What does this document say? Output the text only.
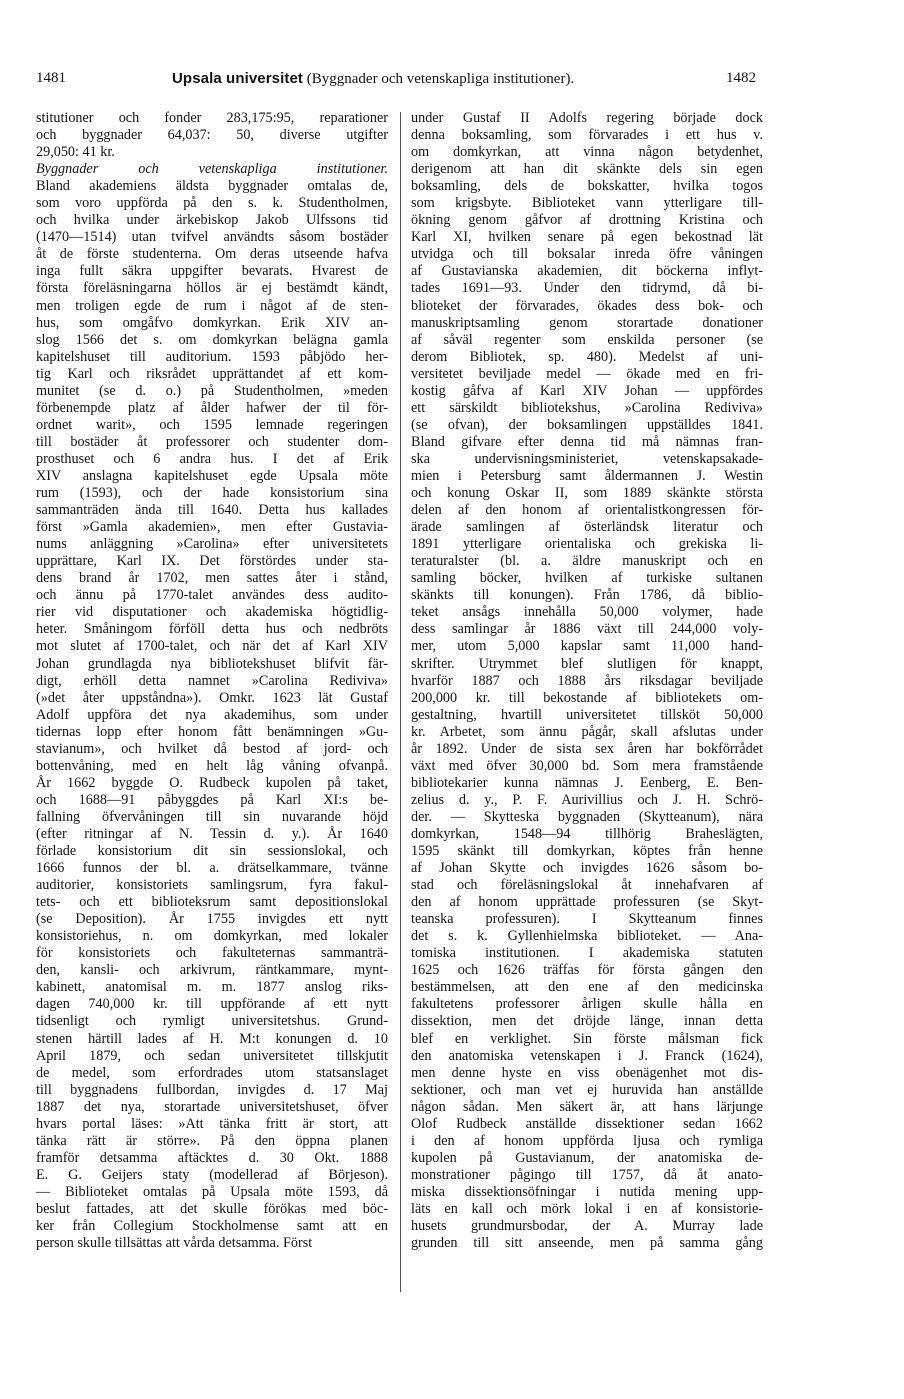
1481	Upsala universitet (Byggnader och vetenskapliga institutioner).	1482
stitutioner och fonder 283,175:95, reparationer
och byggnader 64,037: 50, diverse utgifter
29,050: 41 kr.
Byggnader och vetenskapliga institutioner.
Bland akademiens äldsta byggnader omtalas de,
som voro uppförda på den s. k. Studentholmen,
och hvilka under ärkebiskop Jakob Ulfssons tid
(1470—1514) utan tvifvel användts såsom bostäder
åt de förste studenterna. Om deras utseende hafva
inga fullt säkra uppgifter bevarats. Hvarest de
första föreläsningarna höllos är ej bestämdt kändt,
men troligen egde de rum i något af de sten-
hus, som omgåfvo domkyrkan. Erik XIV an-
slog 1566 det s. om domkyrkan belägna gamla
kapitelshuset till auditorium. 1593 påbjödo her-
tig Karl och riksrådet upprättandet af ett kom-
munitet (se d. o.) på Studentholmen, »meden
förbenempde platz af ålder hafwer der til för-
ordnet warit», och 1595 lemnade regeringen
till bostäder åt professorer och studenter dom-
prosthuset och 6 andra hus. I det af Erik
XIV anslagna kapitelshuset egde Upsala möte
rum (1593), och der hade konsistorium sina
sammanträden ända till 1640. Detta hus kallades
först »Gamla akademien», men efter Gustavia-
nums anläggning »Carolina» efter universitetets
upprättare, Karl IX. Det förstördes under sta-
dens brand år 1702, men sattes åter i stånd,
och ännu på 1770-talet användes dess audito-
rier vid disputationer och akademiska högtidlig-
heter. Småningom förföll detta hus och nedbröts
mot slutet af 1700-talet, och när det af Karl XIV
Johan grundlagda nya bibliotekshuset blifvit fär-
digt, erhöll detta namnet »Carolina Rediviva»
(»det åter uppståndna»). Omkr. 1623 lät Gustaf
Adolf uppföra det nya akademihus, som under
tidernas lopp efter honom fått benämningen »Gu-
stavianum», och hvilket då bestod af jord- och
bottenvåning, med en helt låg våning ofvanpå.
År 1662 byggde O. Rudbeck kupolen på taket,
och 1688—91 påbyggdes på Karl XI:s be-
fallning öfvervåningen till sin nuvarande höjd
(efter ritningar af N. Tessin d. y.). År 1640
förlade konsistorium dit sin sessionslokal, och
1666 funnos der bl. a. drätselkammare, tvänne
auditorier, konsistoriets samlingsrum, fyra fakul-
tets- och ett biblioteksrum samt depositionslokal
(se Deposition). År 1755 invigdes ett nytt
konsistoriehus, n. om domkyrkan, med lokaler
för konsistoriets och fakulteternas sammanträ-
den, kansli- och arkivrum, räntkammare, mynt-
kabinett, anatomisal m. m. 1877 anslog riks-
dagen 740,000 kr. till uppförande af ett nytt
tidsenligt och rymligt universitetshus. Grund-
stenen härtill lades af H. M:t konungen d. 10
April 1879, och sedan universitetet tillskjutit
de medel, som erfordrades utom statsanslaget
till byggnadens fullbordan, invigdes d. 17 Maj
1887 det nya, storartade universitetshuset, öfver
hvars portal läses: »Att tänka fritt är stort, att
tänka rätt är större». På den öppna planen
framför detsamma aftäcktes d. 30 Okt. 1888
E. G. Geijers staty (modellerad af Börjeson).
— Biblioteket omtalas på Upsala möte 1593, då
beslut fattades, att det skulle förökas med böc-
ker från Collegium Stockholmense samt att en
person skulle tillsättas att vårda detsamma. Först
under Gustaf II Adolfs regering började dock
denna boksamling, som förvarades i ett hus v.
om domkyrkan, att vinna någon betydenhet,
derigenom att han dit skänkte dels sin egen
boksamling, dels de bokskatter, hvilka togos
som krigsbyte. Biblioteket vann ytterligare till-
ökning genom gåfvor af drottning Kristina och
Karl XI, hvilken senare på egen bekostnad lät
utvidga och till boksalar inreda öfre våningen
af Gustavianska akademien, dit böckerna inflyt-
tades 1691—93. Under den tidrymd, då bi-
blioteket der förvarades, ökades dess bok- och
manuskriptsamling genom storartade donationer
af såväl regenter som enskilda personer (se
derom Bibliotek, sp. 480). Medelst af uni-
versitetet beviljade medel — ökade med en fri-
kostig gåfva af Karl XIV Johan — uppfördes
ett särskildt bibliotekshus, »Carolina Rediviva»
(se ofvan), der boksamlingen uppställdes 1841.
Bland gifvare efter denna tid må nämnas fran-
ska undervisningsministeriet, vetenskapsakade-
mien i Petersburg samt åldermannen J. Westin
och konung Oskar II, som 1889 skänkte största
delen af den honom af orientalistkongressen för-
ärade samlingen af österländsk literatur och
1891 ytterligare orientaliska och grekiska li-
teraturalster (bl. a. äldre manuskript och en
samling böcker, hvilken af turkiske sultanen
skänkts till konungen). Från 1786, då biblio-
teket ansågs innehålla 50,000 volymer, hade
dess samlingar år 1886 växt till 244,000 voly-
mer, utom 5,000 kapslar samt 11,000 hand-
skrifter. Utrymmet blef slutligen för knappt,
hvarför 1887 och 1888 års riksdagar beviljade
200,000 kr. till bekostande af bibliotekets om-
gestaltning, hvartill universitetet tillsköt 50,000
kr. Arbetet, som ännu pågår, skall afslutas under
år 1892. Under de sista sex åren har bokförrådet
växt med öfver 30,000 bd. Som mera framstående
bibliotekarier kunna nämnas J. Eenberg, E. Ben-
zelius d. y., P. F. Aurivillius och J. H. Schrö-
der. — Skytteska byggnaden (Skytteanum), nära
domkyrkan, 1548—94 tillhörig Braheslägten,
1595 skänkt till domkyrkan, köptes från henne
af Johan Skytte och invigdes 1626 såsom bo-
stad och föreläsningslokal åt innehafvaren af
den af honom upprättade professuren (se Skyt-
teanska professuren). I Skytteanum finnes
det s. k. Gyllenhielmska biblioteket. — Ana-
tomiska institutionen. I akademiska statuten
1625 och 1626 träffas för första gången den
bestämmelsen, att den ene af den medicinska
fakultetens professorer årligen skulle hålla en
dissektion, men det dröjde länge, innan detta
blef en verklighet. Sin förste målsman fick
den anatomiska vetenskapen i J. Franck (1624),
men denne hyste en viss obenägenhet mot dis-
sektioner, och man vet ej huruvida han anställde
någon sådan. Men säkert är, att hans lärjunge
Olof Rudbeck anställde dissektioner sedan 1662
i den af honom uppförda ljusa och rymliga
kupolen på Gustavianum, der anatomiska de-
monstrationer pågingo till 1757, då åt anato-
miska dissektionsöfningar i nutida mening upp-
läts en kall och mörk lokal i en af konsistorie-
husets grundmursbodar, der A. Murray lade
grunden till sitt anseende, men på samma gång
